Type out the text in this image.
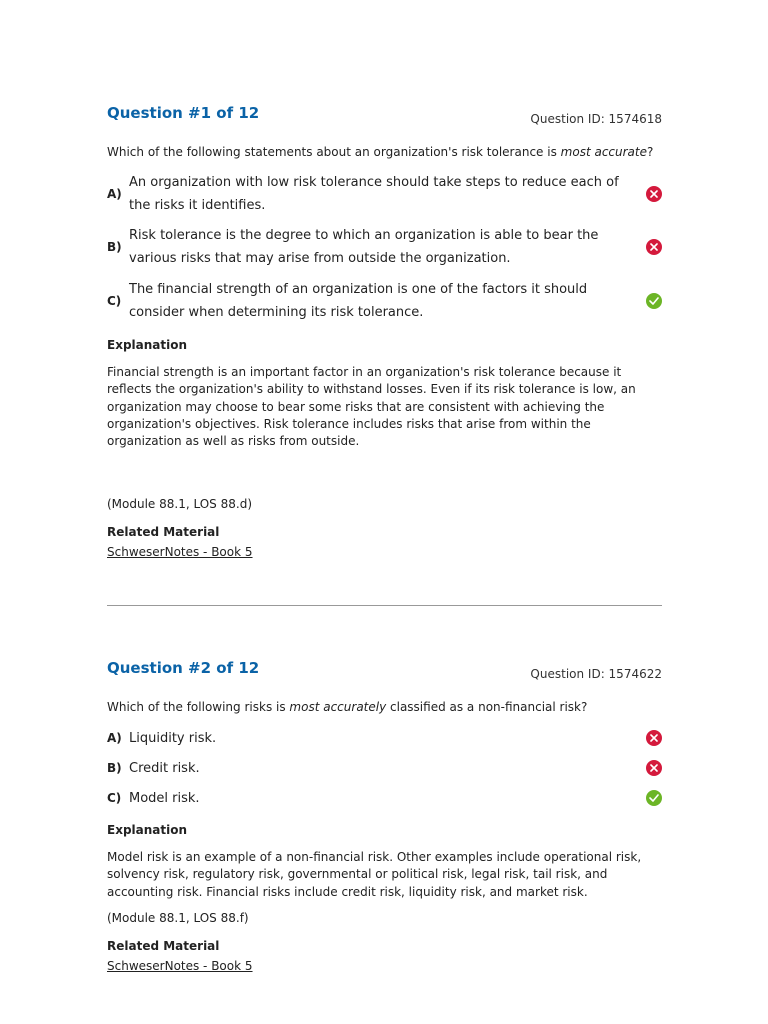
Question #1 of 12	Question ID: 1574618

Which of the following statements about an organization's risk tolerance is most accurate?

A)
An organization with low risk tolerance should take steps to reduce each of the risks it identifies.
B)
Risk tolerance is the degree to which an organization is able to bear the various risks that may arise from outside the organization.
C)
The financial strength of an organization is one of the factors it should consider when determining its risk tolerance.
Explanation
Financial strength is an important factor in an organization's risk tolerance because it reflects the organization's ability to withstand losses. Even if its risk tolerance is low, an organization may choose to bear some risks that are consistent with achieving the organization's objectives. Risk tolerance includes risks that arise from within the organization as well as risks from outside.
(Module 88.1, LOS 88.d)
Related Material
SchweserNotes - Book 5
Question #2 of 12	Question ID: 1574622

Which of the following risks is most accurately classified as a non-financial risk?

A) Liquidity risk.
B) Credit risk.
C) Model risk.
Explanation
Model risk is an example of a non-financial risk. Other examples include operational risk, solvency risk, regulatory risk, governmental or political risk, legal risk, tail risk, and accounting risk. Financial risks include credit risk, liquidity risk, and market risk.
(Module 88.1, LOS 88.f)
Related Material
SchweserNotes - Book 5
